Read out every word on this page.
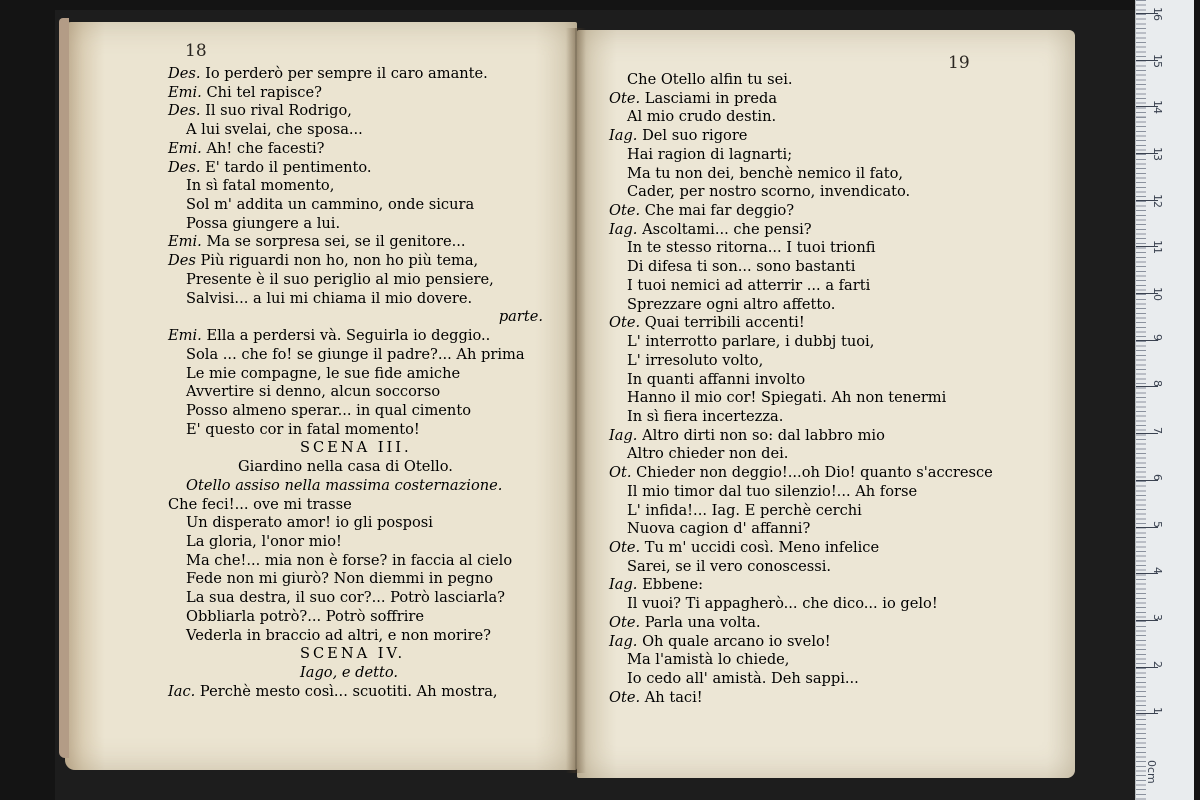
18
19
Des. Io perderò per sempre il caro amante.
Emi. Chi tel rapisce?
Des. Il suo rival Rodrigo,
A lui svelai, che sposa...
Emi. Ah! che facesti?
Des. E' tardo il pentimento.
In sì fatal momento,
Sol m' addita un cammino, onde sicura
Possa giungere a lui.
Emi. Ma se sorpresa sei, se il genitore...
Des Più riguardi non ho, non ho più tema,
Presente è il suo periglio al mio pensiere,
Salvisi... a lui mi chiama il mio dovere.
parte.
Emi. Ella a perdersi và. Seguirla io deggio..
Sola ... che fo! se giunge il padre?... Ah prima
Le mie compagne, le sue fide amiche
Avvertire si denno, alcun soccorso
Posso almeno sperar... in qual cimento
E' questo cor in fatal momento!
SCENA III.
Giardino nella casa di Otello.
Otello assiso nella massima costernazione.
Che feci!... ove mi trasse
Un disperato amor! io gli posposi
La gloria, l'onor mio!
Ma che!... mia non è forse? in faccia al cielo
Fede non mi giurò? Non diemmi in pegno
La sua destra, il suo cor?... Potrò lasciarla?
Obbliarla potrò?... Potrò soffrire
Vederla in braccio ad altri, e non morire?
SCENA IV.
Iago, e detto.
Iac. Perchè mesto così... scuotiti. Ah mostra,
Che Otello alfin tu sei.
Ote. Lasciami in preda
Al mio crudo destin.
Iag. Del suo rigore
Hai ragion di lagnarti;
Ma tu non dei, benchè nemico il fato,
Cader, per nostro scorno, invendicato.
Ote. Che mai far deggio?
Iag. Ascoltami... che pensi?
In te stesso ritorna... I tuoi trionfi
Di difesa ti son... sono bastanti
I tuoi nemici ad atterrir ... a farti
Sprezzare ogni altro affetto.
Ote. Quai terribili accenti!
L' interrotto parlare, i dubbj tuoi,
L' irresoluto volto,
In quanti affanni involto
Hanno il mio cor! Spiegati. Ah non tenermi
In sì fiera incertezza.
Iag. Altro dirti non so: dal labbro mio
Altro chieder non dei.
Ot. Chieder non deggio!...oh Dio! quanto s'accresce
Il mio timor dal tuo silenzio!... Ah forse
L' infida!... Iag. E perchè cerchi
Nuova cagion d' affanni?
Ote. Tu m' uccidi così. Meno infelice
Sarei, se il vero conoscessi.
Iag. Ebbene:
Il vuoi? Ti appagherò... che dico... io gelo!
Ote. Parla una volta.
Iag. Oh quale arcano io svelo!
Ma l'amistà lo chiede,
Io cedo all' amistà. Deh sappi...
Ote. Ah taci!
1
2
3
4
5
6
7
8
9
10
11
12
13
14
15
16
0cm
